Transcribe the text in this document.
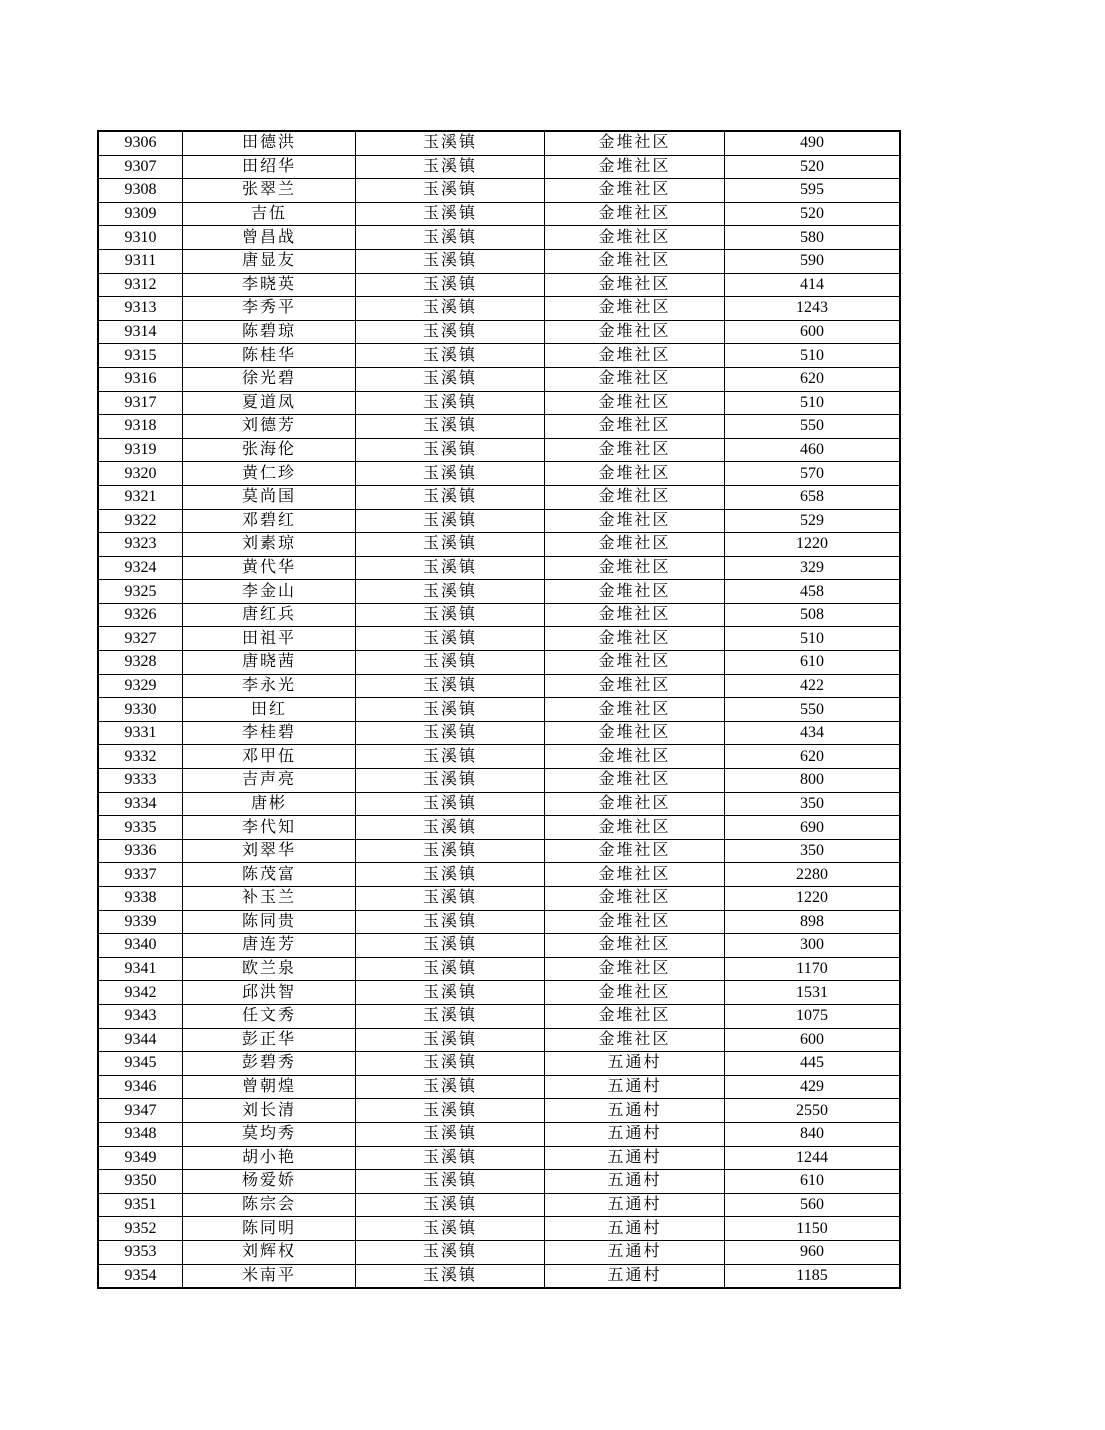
9306	田德洪	玉溪镇	金堆社区	490
9307	田绍华	玉溪镇	金堆社区	520
9308	张翠兰	玉溪镇	金堆社区	595
9309	吉伍	玉溪镇	金堆社区	520
9310	曾昌战	玉溪镇	金堆社区	580
9311	唐显友	玉溪镇	金堆社区	590
9312	李晓英	玉溪镇	金堆社区	414
9313	李秀平	玉溪镇	金堆社区	1243
9314	陈碧琼	玉溪镇	金堆社区	600
9315	陈桂华	玉溪镇	金堆社区	510
9316	徐光碧	玉溪镇	金堆社区	620
9317	夏道凤	玉溪镇	金堆社区	510
9318	刘德芳	玉溪镇	金堆社区	550
9319	张海伦	玉溪镇	金堆社区	460
9320	黄仁珍	玉溪镇	金堆社区	570
9321	莫尚国	玉溪镇	金堆社区	658
9322	邓碧红	玉溪镇	金堆社区	529
9323	刘素琼	玉溪镇	金堆社区	1220
9324	黄代华	玉溪镇	金堆社区	329
9325	李金山	玉溪镇	金堆社区	458
9326	唐红兵	玉溪镇	金堆社区	508
9327	田祖平	玉溪镇	金堆社区	510
9328	唐晓茜	玉溪镇	金堆社区	610
9329	李永光	玉溪镇	金堆社区	422
9330	田红	玉溪镇	金堆社区	550
9331	李桂碧	玉溪镇	金堆社区	434
9332	邓甲伍	玉溪镇	金堆社区	620
9333	吉声亮	玉溪镇	金堆社区	800
9334	唐彬	玉溪镇	金堆社区	350
9335	李代知	玉溪镇	金堆社区	690
9336	刘翠华	玉溪镇	金堆社区	350
9337	陈茂富	玉溪镇	金堆社区	2280
9338	补玉兰	玉溪镇	金堆社区	1220
9339	陈同贵	玉溪镇	金堆社区	898
9340	唐连芳	玉溪镇	金堆社区	300
9341	欧兰泉	玉溪镇	金堆社区	1170
9342	邱洪智	玉溪镇	金堆社区	1531
9343	任文秀	玉溪镇	金堆社区	1075
9344	彭正华	玉溪镇	金堆社区	600
9345	彭碧秀	玉溪镇	五通村	445
9346	曾朝煌	玉溪镇	五通村	429
9347	刘长清	玉溪镇	五通村	2550
9348	莫均秀	玉溪镇	五通村	840
9349	胡小艳	玉溪镇	五通村	1244
9350	杨爱娇	玉溪镇	五通村	610
9351	陈宗会	玉溪镇	五通村	560
9352	陈同明	玉溪镇	五通村	1150
9353	刘辉权	玉溪镇	五通村	960
9354	米南平	玉溪镇	五通村	1185
